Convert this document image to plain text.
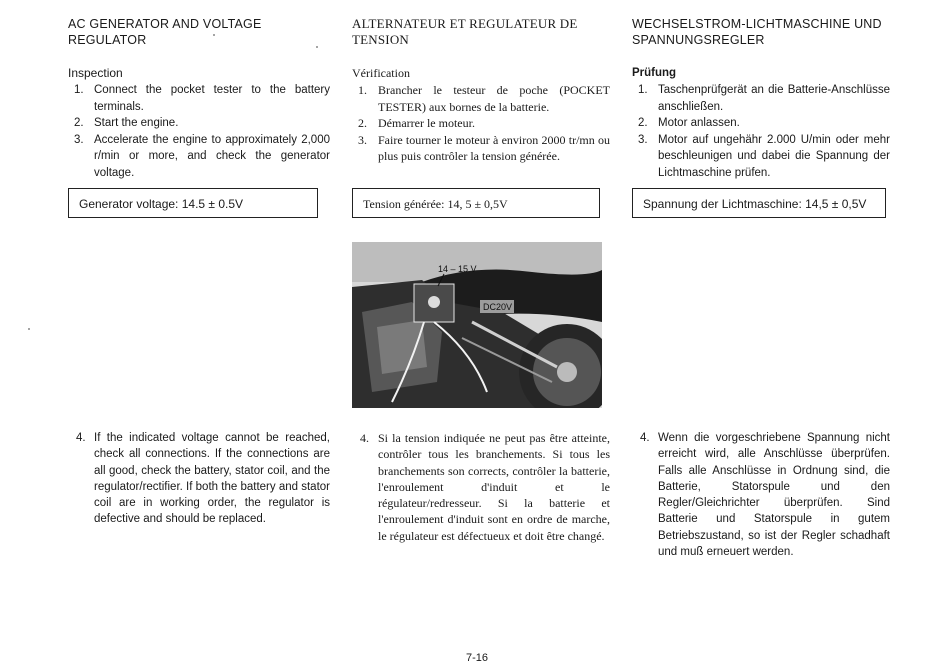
AC GENERATOR AND VOLTAGE
REGULATOR
Inspection
1. Connect the pocket tester to the battery terminals.
2. Start the engine.
3. Accelerate the engine to approximately 2,000 r/min or more, and check the generator voltage.
Generator voltage: 14.5 ± 0.5V
4. If the indicated voltage cannot be reached, check all connections. If the connections are all good, check the battery, stator coil, and the regulator/rectifier. If both the battery and stator coil are in working order, the regulator is defective and should be replaced.
ALTERNATEUR ET REGULATEUR DE
TENSION
Vérification
1. Brancher le testeur de poche (POCKET TESTER) aux bornes de la batterie.
2. Démarrer le moteur.
3. Faire tourner le moteur à environ 2000 tr/mn ou plus puis contrôler la tension générée.
Tension générée: 14, 5 ± 0,5V
4. Si la tension indiquée ne peut pas être atteinte, contrôler tous les branchements. Si tous les branchements son corrects, contrôler la batterie, l'enroulement d'induit et le régulateur/redresseur. Si la batterie et l'enroulement d'induit sont en ordre de marche, le régulateur est défectueux et doit être changé.
WECHSELSTROM-LICHTMASCHINE UND
SPANNUNGSREGLER
Prüfung
1. Taschenprüfgerät an die Batterie-Anschlüsse anschließen.
2. Motor anlassen.
3. Motor auf ungehähr 2.000 U/min oder mehr beschleunigen und dabei die Spannung der Lichtmaschine prüfen.
Spannung der Lichtmaschine: 14,5 ± 0,5V
4. Wenn die vorgeschriebene Spannung nicht erreicht wird, alle Anschlüsse überprüfen. Falls alle Anschlüsse in Ordnung sind, die Batterie, Statorspule und den Regler/Gleichrichter überprüfen. Sind Batterie und Statorspule in gutem Betriebszustand, so ist der Regler schadhaft und muß erneuert werden.
DC20V
14 – 15 V
7-16
